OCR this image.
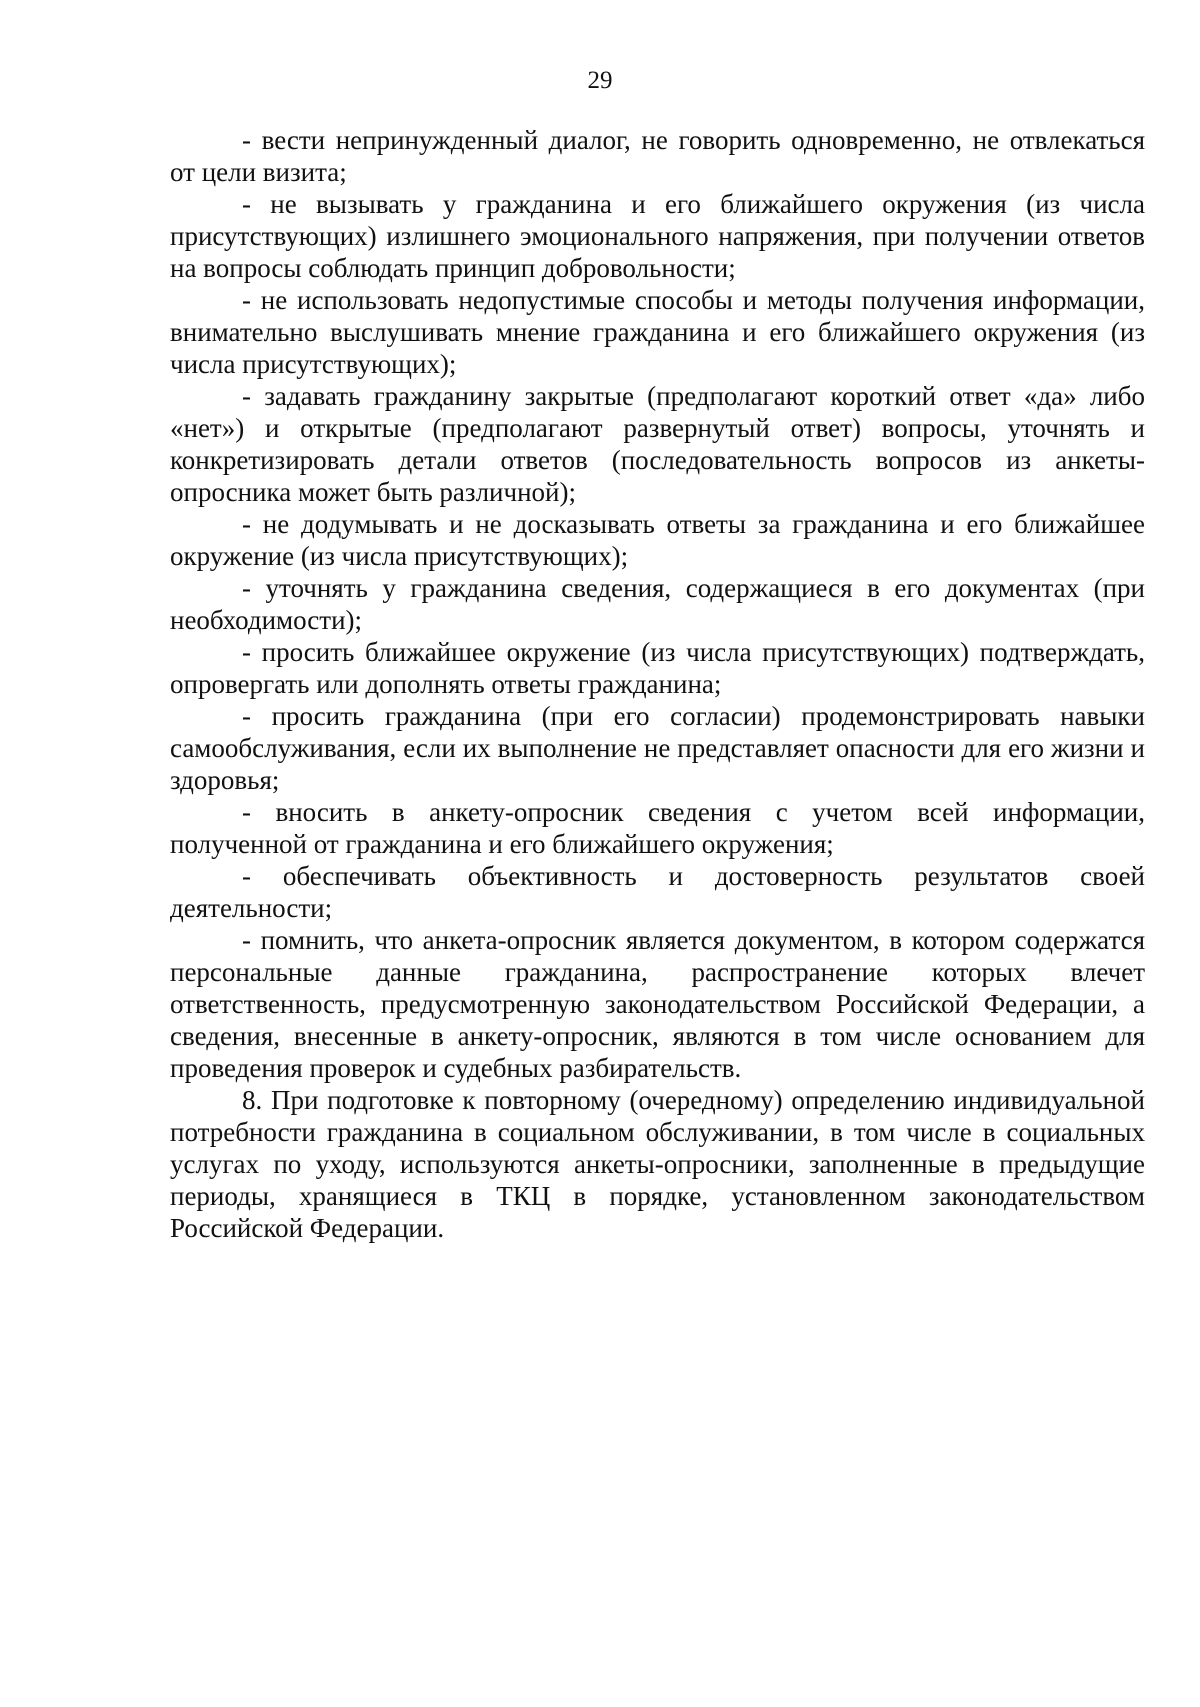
29

- вести непринужденный диалог, не говорить одновременно, не отвлекаться от цели визита;

- не вызывать у гражданина и его ближайшего окружения (из числа присутствующих) излишнего эмоционального напряжения, при получении ответов на вопросы соблюдать принцип добровольности;

- не использовать недопустимые способы и методы получения информации, внимательно выслушивать мнение гражданина и его ближайшего окружения (из числа присутствующих);

- задавать гражданину закрытые (предполагают короткий ответ «да» либо «нет») и открытые (предполагают развернутый ответ) вопросы, уточнять и конкретизировать детали ответов (последовательность вопросов из анкеты-опросника может быть различной);

- не додумывать и не досказывать ответы за гражданина и его ближайшее окружение (из числа присутствующих);

- уточнять у гражданина сведения, содержащиеся в его документах (при необходимости);

- просить ближайшее окружение (из числа присутствующих) подтверждать, опровергать или дополнять ответы гражданина;

- просить гражданина (при его согласии) продемонстрировать навыки самообслуживания, если их выполнение не представляет опасности для его жизни и здоровья;

- вносить в анкету-опросник сведения с учетом всей информации, полученной от гражданина и его ближайшего окружения;

- обеспечивать объективность и достоверность результатов своей деятельности;

- помнить, что анкета-опросник является документом, в котором содержатся персональные данные гражданина, распространение которых влечет ответственность, предусмотренную законодательством Российской Федерации, а сведения, внесенные в анкету-опросник, являются в том числе основанием для проведения проверок и судебных разбирательств.

8. При подготовке к повторному (очередному) определению индивидуальной потребности гражданина в социальном обслуживании, в том числе в социальных услугах по уходу, используются анкеты-опросники, заполненные в предыдущие периоды, хранящиеся в ТКЦ в порядке, установленном законодательством Российской Федерации.
